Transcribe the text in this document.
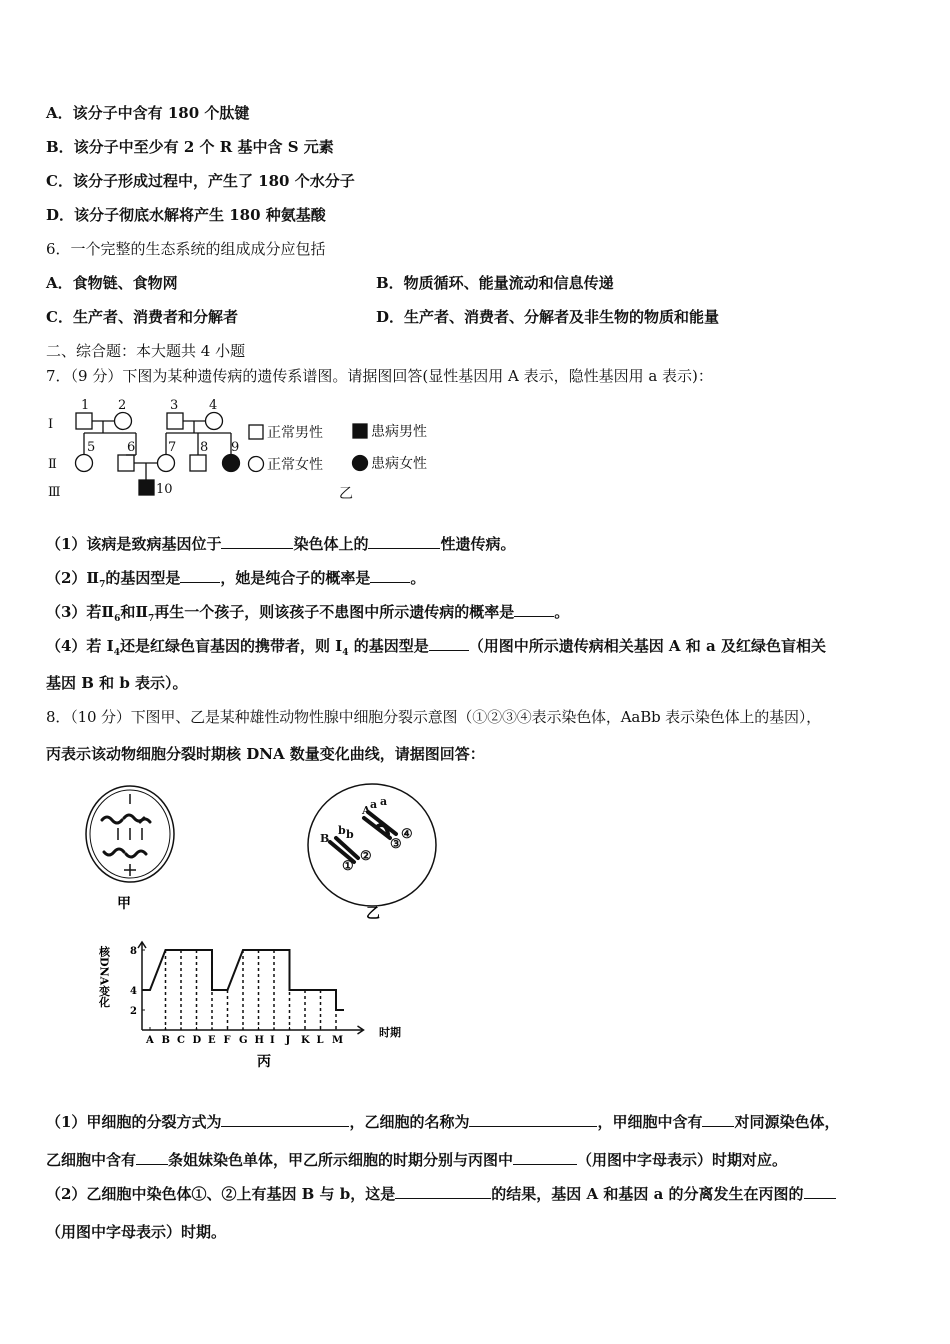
A．该分子中含有 180 个肽键
B．该分子中至少有 2 个 R 基中含 S 元素
C．该分子形成过程中，产生了 180 个水分子
D．该分子彻底水解将产生 180 种氨基酸
6．一个完整的生态系统的组成成分应包括
A．食物链、食物网	B．物质循环、能量流动和信息传递
C．生产者、消费者和分解者	D．生产者、消费者、分解者及非生物的物质和能量
二、综合题：本大题共 4 小题
7．（9 分）下图为某种遗传病的遗传系谱图。请据图回答(显性基因用 A 表示，隐性基因用 a 表示)：
Ⅰ
Ⅱ
Ⅲ
1 2	3 4
5 6	7 8 9
10
正常男性	患病男性
正常女性	患病女性
乙
（1）该病是致病基因位于	染色体上的	性遗传病。
$(2)Ⅱ_7$的基因型是	，她是纯合子的概率是	。
（3）若$Ⅱ_6$和$Ⅱ_7$再生一个孩子，则该孩子不患图中所示遗传病的概率是	。
（4）若 $I_4$还是红绿色盲基因的携带者，则 $I_4$ 的基因型是	（用图中所示遗传病相关基因 A 和 a 及红绿色盲相关
基因 B 和 b 表示）。
8．（10 分）下图甲、乙是某种雄性动物性腺中细胞分裂示意图（①②③④表示染色体，AaBb 表示染色体上的基因），
丙表示该动物细胞分裂时期核 DNA 数量变化曲线，请据图回答：
甲
A a a
④
B
b b
②
①
③
乙
核DNA变化
时期
丙
2
4
8
A B C D E F G H I J K L M
（1）甲细胞的分裂方式为	，乙细胞的名称为	，甲细胞中含有 对同源染色体，
乙细胞中含有 条姐妹染色单体，甲乙所示细胞的时期分别与丙图中	（用图中字母表示）时期对应。
（2）乙细胞中染色体①、②上有基因 B 与 b，这是	的结果，基因 A 和基因 a 的分离发生在丙图的
（用图中字母表示）时期。
